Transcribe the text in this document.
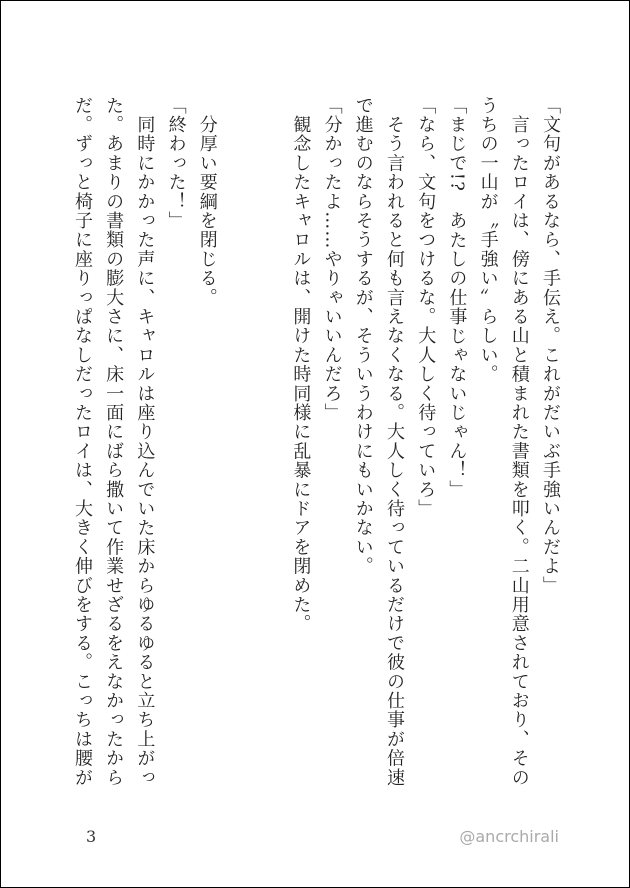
「文句があるなら、手伝え。これがだいぶ手強いんだよ」
　言ったロイは、傍にある山と積まれた書類を叩く。二山用意されており、その
うちの一山が〝手強い〟らしい。
「まじで!?　あたしの仕事じゃないじゃん！」
「なら、文句をつけるな。大人しく待っていろ」
　そう言われると何も言えなくなる。大人しく待っているだけで彼の仕事が倍速
で進むのならそうするが、そういうわけにもいかない。
「分かったよ……やりゃいいんだろ」
　観念したキャロルは、開けた時同様に乱暴にドアを閉めた。

　分厚い要綱を閉じる。
「終わった！」
　同時にかかった声に、キャロルは座り込んでいた床からゆるゆると立ち上がっ
た。あまりの書類の膨大さに、床一面にばら撒いて作業せざるをえなかったから
だ。ずっと椅子に座りっぱなしだったロイは、大きく伸びをする。こっちは腰が
3	@ancrchirali
